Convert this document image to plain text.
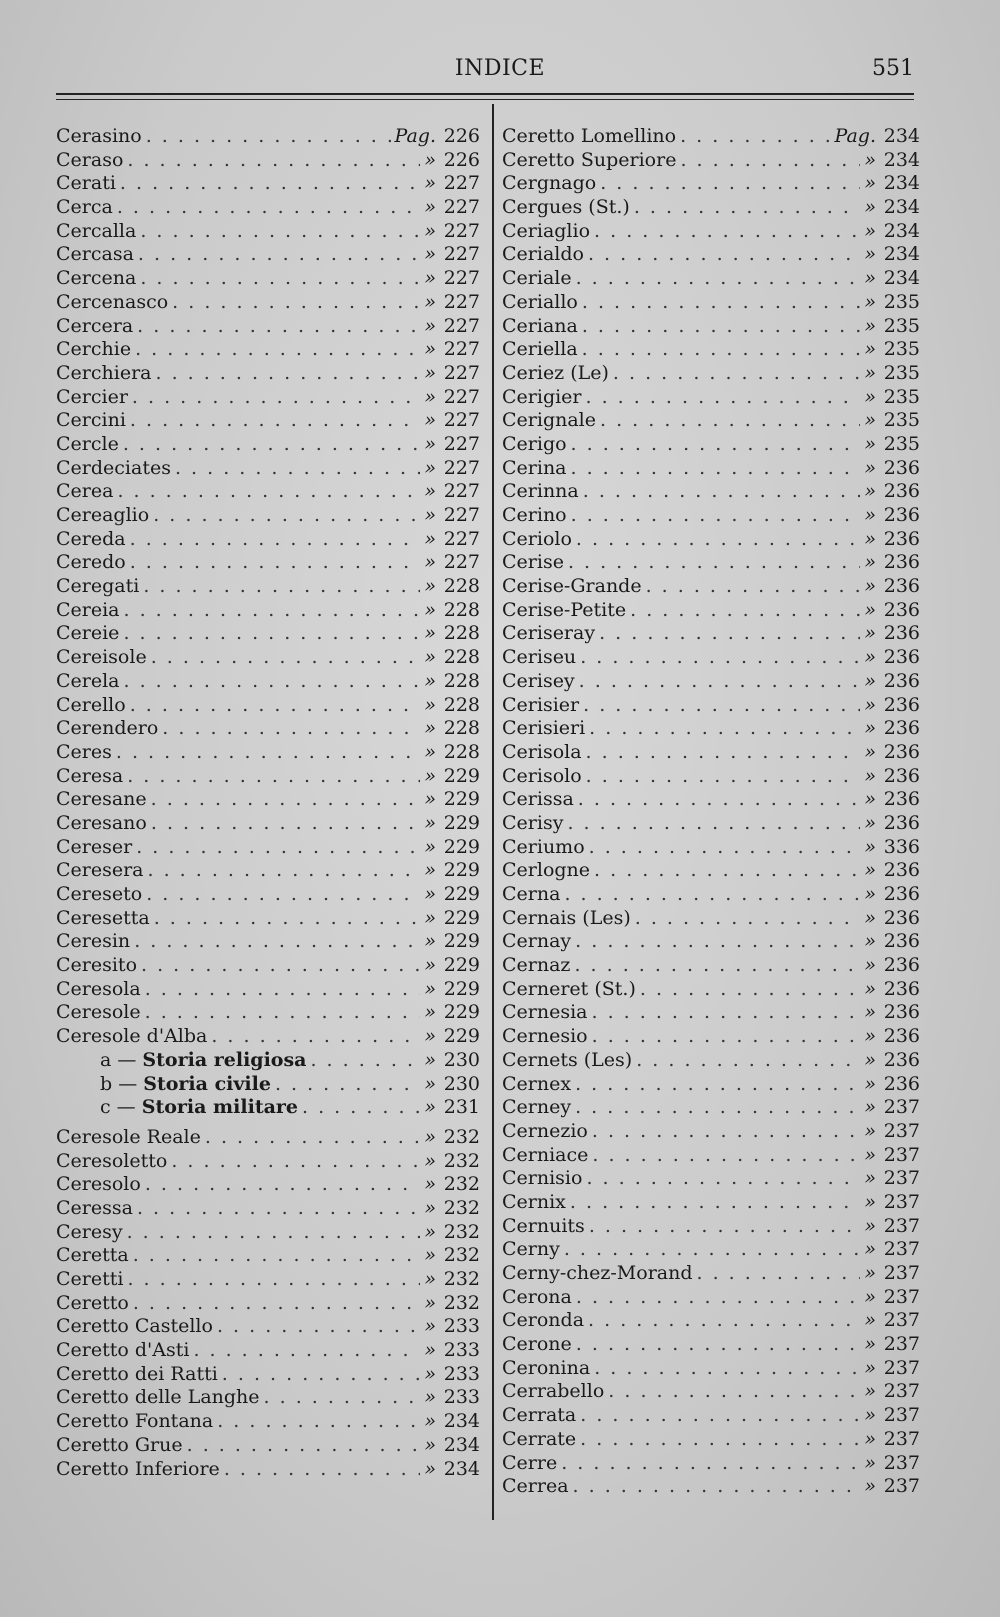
INDICE	551
Cerasino . . .	Pag. 226
Ceraso . . .	» 226
Cerati . . .	» 227
Cerca . . .	» 227
Cercalla . . .	» 227
Cercasa . . .	» 227
Cercena . . .	» 227
Cercenasco . . .	» 227
Cercera . . .	» 227
Cerchie . . .	» 227
Cerchiera . . .	» 227
Cercier . . .	» 227
Cercini . . .	» 227
Cercle . . .	» 227
Cerdeciates . . .	» 227
Cerea . . .	» 227
Cereaglio . . .	» 227
Cereda . . .	» 227
Ceredo . . .	» 227
Ceregati . . .	» 228
Cereia . . .	» 228
Cereie . . .	» 228
Cereisole . . .	» 228
Cerela . . .	» 228
Cerello . . .	» 228
Cerendero . . .	» 228
Ceres . . .	» 228
Ceresa . . .	» 229
Ceresane . . .	» 229
Ceresano . . .	» 229
Cereser . . .	» 229
Ceresera . . .	» 229
Cereseto . . .	» 229
Ceresetta . . .	» 229
Ceresin . . .	» 229
Ceresito . . .	» 229
Ceresola . . .	» 229
Ceresole . . .	» 229
Ceresole d'Alba . . .	» 229
a — Storia religiosa . . .	» 230
b — Storia civile . . .	» 230
c — Storia militare . . .	» 231
Ceresole Reale . . .	» 232
Ceresoletto . . .	» 232
Ceresolo . . .	» 232
Ceressa . . .	» 232
Ceresy . . .	» 232
Ceretta . . .	» 232
Ceretti . . .	» 232
Ceretto . . .	» 232
Ceretto Castello . . .	» 233
Ceretto d'Asti . . .	» 233
Ceretto dei Ratti . . .	» 233
Ceretto delle Langhe . . .	» 233
Ceretto Fontana . . .	» 234
Ceretto Grue . . .	» 234
Ceretto Inferiore . . .	» 234
Ceretto Lomellino . . .	Pag. 234
Ceretto Superiore . . .	» 234
Cergnago . . .	» 234
Cergues (St.) . . .	» 234
Ceriaglio . . .	» 234
Cerialdo . . .	» 234
Ceriale . . .	» 234
Ceriallo . . .	» 235
Ceriana . . .	» 235
Ceriella . . .	» 235
Ceriez (Le) . . .	» 235
Cerigier . . .	» 235
Cerignale . . .	» 235
Cerigo . . .	» 235
Cerina . . .	» 236
Cerinna . . .	» 236
Cerino . . .	» 236
Ceriolo . . .	» 236
Cerise . . .	» 236
Cerise-Grande . . .	» 236
Cerise-Petite . . .	» 236
Ceriseray . . .	» 236
Ceriseu . . .	» 236
Cerisey . . .	» 236
Cerisier . . .	» 236
Cerisieri . . .	» 236
Cerisola . . .	» 236
Cerisolo . . .	» 236
Cerissa . . .	» 236
Cerisy . . .	» 236
Ceriumo . . .	» 336
Cerlogne . . .	» 236
Cerna . . .	» 236
Cernais (Les) . . .	» 236
Cernay . . .	» 236
Cernaz . . .	» 236
Cerneret (St.) . . .	» 236
Cernesia . . .	» 236
Cernesio . . .	» 236
Cernets (Les) . . .	» 236
Cernex . . .	» 236
Cerney . . .	» 237
Cernezio . . .	» 237
Cerniace . . .	» 237
Cernisio . . .	» 237
Cernix . . .	» 237
Cernuits . . .	» 237
Cerny . . .	» 237
Cerny-chez-Morand . . .	» 237
Cerona . . .	» 237
Ceronda . . .	» 237
Cerone . . .	» 237
Ceronina . . .	» 237
Cerrabello . . .	» 237
Cerrata . . .	» 237
Cerrate . . .	» 237
Cerre . . .	» 237
Cerrea . . .	» 237
